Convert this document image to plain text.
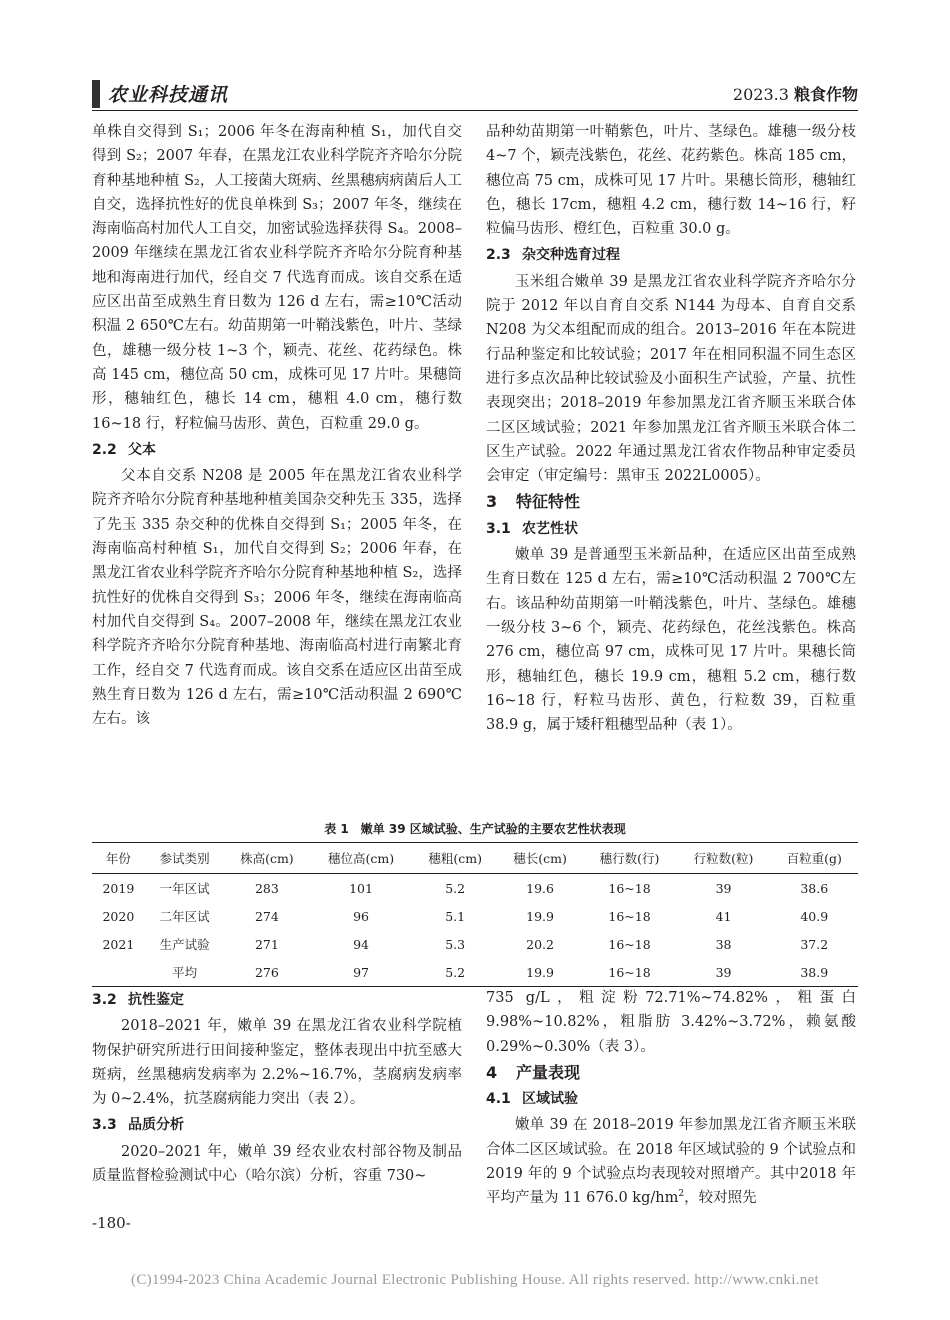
农业科技通讯	2023.3 粮食作物

单株自交得到 S₁；2006 年冬在海南种植 S₁，加代自交得到 S₂；2007 年春，在黑龙江农业科学院齐齐哈尔分院育种基地种植 S₂，人工接菌大斑病、丝黑穗病病菌后人工自交，选择抗性好的优良单株到 S₃；2007 年冬，继续在海南临高村加代人工自交，加密试验选择获得 S₄。2008–2009 年继续在黑龙江省农业科学院齐齐哈尔分院育种基地和海南进行加代，经自交 7 代选育而成。该自交系在适应区出苗至成熟生育日数为 126 d 左右，需≥10℃活动积温 2 650℃左右。幼苗期第一叶鞘浅紫色，叶片、茎绿色，雄穗一级分枝 1~3 个，颖壳、花丝、花药绿色。株高 145 cm，穗位高 50 cm，成株可见 17 片叶。果穗筒形，穗轴红色，穗长 14 cm，穗粗 4.0 cm，穗行数 16~18 行，籽粒偏马齿形、黄色，百粒重 29.0 g。

2.2 父本

父本自交系 N208 是 2005 年在黑龙江省农业科学院齐齐哈尔分院育种基地种植美国杂交种先玉 335，选择了先玉 335 杂交种的优株自交得到 S₁；2005 年冬，在海南临高村种植 S₁，加代自交得到 S₂；2006 年春，在黑龙江省农业科学院齐齐哈尔分院育种基地种植 S₂，选择抗性好的优株自交得到 S₃；2006 年冬，继续在海南临高村加代自交得到 S₄。2007–2008 年，继续在黑龙江农业科学院齐齐哈尔分院育种基地、海南临高村进行南繁北育工作，经自交 7 代选育而成。该自交系在适应区出苗至成熟生育日数为 126 d 左右，需≥10℃活动积温 2 690℃左右。该

品种幼苗期第一叶鞘紫色，叶片、茎绿色。雄穗一级分枝 4~7 个，颖壳浅紫色，花丝、花药紫色。株高 185 cm，穗位高 75 cm，成株可见 17 片叶。果穗长筒形，穗轴红色，穗长 17cm，穗粗 4.2 cm，穗行数 14~16 行，籽粒偏马齿形、橙红色，百粒重 30.0 g。

2.3 杂交种选育过程

玉米组合嫩单 39 是黑龙江省农业科学院齐齐哈尔分院于 2012 年以自育自交系 N144 为母本、自育自交系 N208 为父本组配而成的组合。2013–2016 年在本院进行品种鉴定和比较试验；2017 年在相同积温不同生态区进行多点次品种比较试验及小面积生产试验，产量、抗性表现突出；2018–2019 年参加黑龙江省齐顺玉米联合体二区区域试验；2021 年参加黑龙江省齐顺玉米联合体二区生产试验。2022 年通过黑龙江省农作物品种审定委员会审定（审定编号：黑审玉 2022L0005）。

3 特征特性
3.1 农艺性状

嫩单 39 是普通型玉米新品种，在适应区出苗至成熟生育日数在 125 d 左右，需≥10℃活动积温 2 700℃左右。该品种幼苗期第一叶鞘浅紫色，叶片、茎绿色。雄穗一级分枝 3~6 个，颖壳、花药绿色，花丝浅紫色。株高 276 cm，穗位高 97 cm，成株可见 17 片叶。果穗长筒形，穗轴红色，穗长 19.9 cm，穗粗 5.2 cm，穗行数 16~18 行，籽粒马齿形、黄色，行粒数 39，百粒重 38.9 g，属于矮秆粗穗型品种（表 1）。

表 1　嫩单 39 区域试验、生产试验的主要农艺性状表现
年份	参试类别	株高(cm)	穗位高(cm)	穗粗(cm)	穗长(cm)	穗行数(行)	行粒数(粒)	百粒重(g)
2019	一年区试	283	101	5.2	19.6	16~18	39	38.6
2020	二年区试	274	96	5.1	19.9	16~18	41	40.9
2021	生产试验	271	94	5.3	20.2	16~18	38	37.2
	平均	276	97	5.2	19.9	16~18	39	38.9
3.2 抗性鉴定

2018–2021 年，嫩单 39 在黑龙江省农业科学院植物保护研究所进行田间接种鉴定，整体表现出中抗至感大斑病，丝黑穗病发病率为 2.2%~16.7%，茎腐病发病率为 0~2.4%，抗茎腐病能力突出（表 2）。

3.3 品质分析

2020–2021 年，嫩单 39 经农业农村部谷物及制品质量监督检验测试中心（哈尔滨）分析，容重 730~

735 g/L，粗淀粉72.71%~74.82%，粗蛋白9.98%~10.82%，粗脂肪 3.42%~3.72%，赖氨酸 0.29%~0.30%（表 3）。

4 产量表现
4.1 区域试验

嫩单 39 在 2018–2019 年参加黑龙江省齐顺玉米联合体二区区域试验。在 2018 年区域试验的 9 个试验点和 2019 年的 9 个试验点均表现较对照增产。其中2018 年平均产量为 11 676.0 $kg/hm^2$，较对照先

-180-
(C)1994-2023 China Academic Journal Electronic Publishing House. All rights reserved. http://www.cnki.net
